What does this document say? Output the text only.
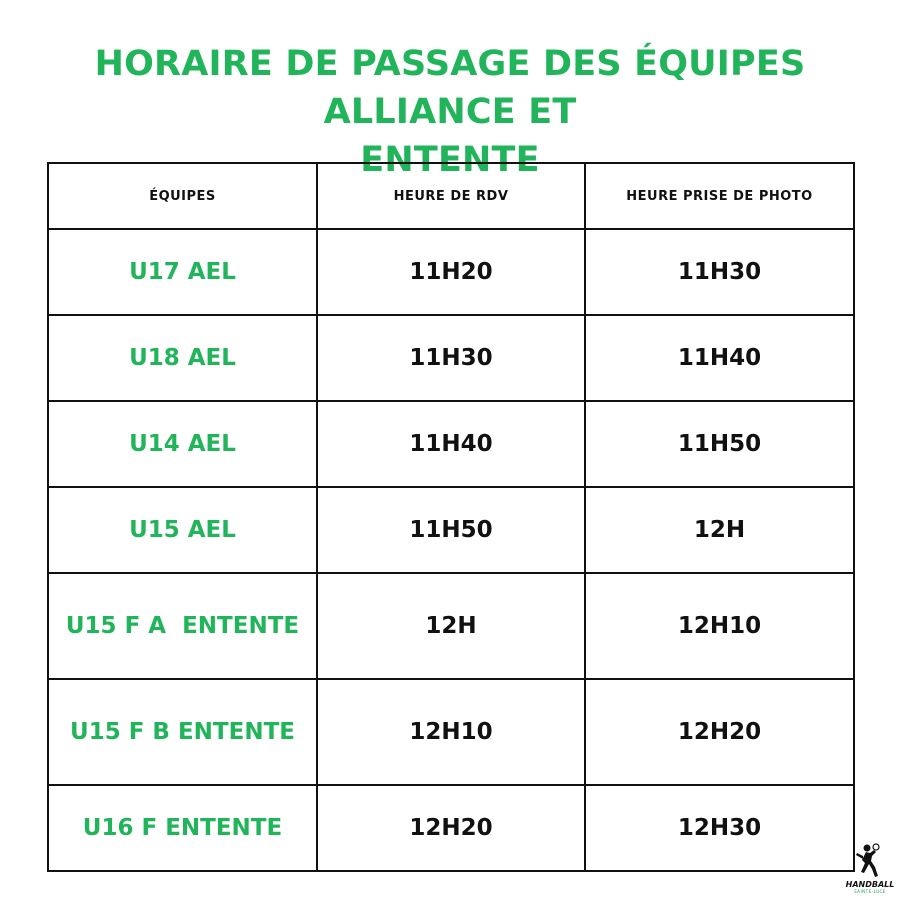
HORAIRE DE PASSAGE DES ÉQUIPES ALLIANCE ET
ENTENTE
ÉQUIPES	HEURE DE RDV	HEURE PRISE DE PHOTO
U17 AEL	11H20	11H30
U18 AEL	11H30	11H40
U14 AEL	11H40	11H50
U15 AEL	11H50	12H
U15 F A  ENTENTE	12H	12H10
U15 F B ENTENTE	12H10	12H20
U16 F ENTENTE	12H20	12H30
HANDBALL
SAINTE-LUCE
